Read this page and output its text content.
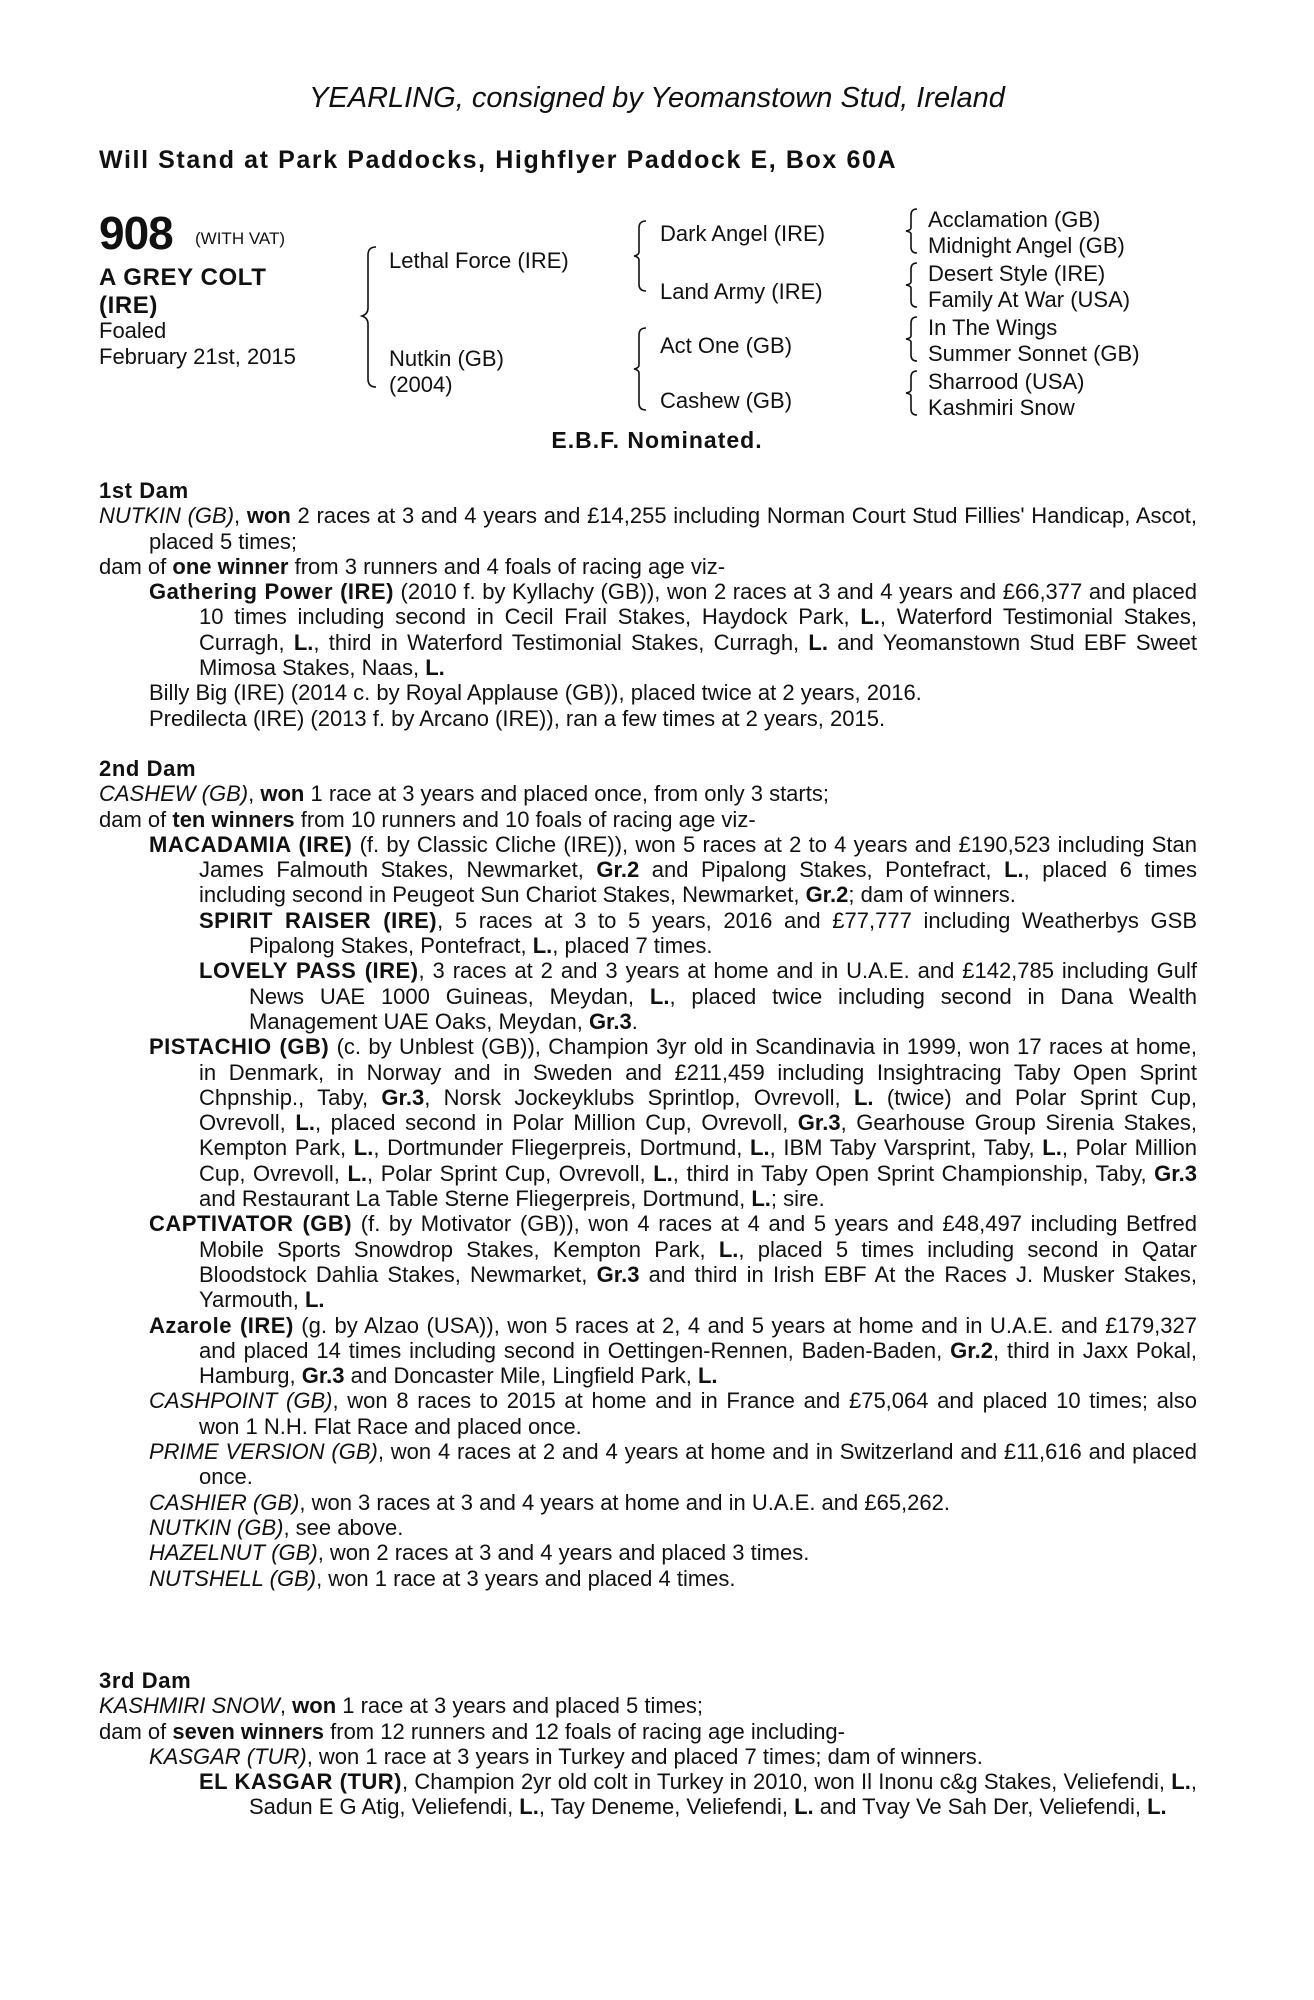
YEARLING, consigned by Yeomanstown Stud, Ireland
Will Stand at Park Paddocks, Highflyer Paddock E, Box 60A
908 (WITH VAT)
A GREY COLT
(IRE)
Foaled
February 21st, 2015
Lethal Force (IRE)
Nutkin (GB)
(2004)
Dark Angel (IRE)
Land Army (IRE)
Act One (GB)
Cashew (GB)
Acclamation (GB)
Midnight Angel (GB)
Desert Style (IRE)
Family At War (USA)
In The Wings
Summer Sonnet (GB)
Sharrood (USA)
Kashmiri Snow
E.B.F. Nominated.
1st Dam
NUTKIN (GB), won 2 races at 3 and 4 years and £14,255 including Norman Court Stud Fillies' Handicap, Ascot, placed 5 times;
dam of one winner from 3 runners and 4 foals of racing age viz-
Gathering Power (IRE) (2010 f. by Kyllachy (GB)), won 2 races at 3 and 4 years and £66,377 and placed 10 times including second in Cecil Frail Stakes, Haydock Park, L., Waterford Testimonial Stakes, Curragh, L., third in Waterford Testimonial Stakes, Curragh, L. and Yeomanstown Stud EBF Sweet Mimosa Stakes, Naas, L.
Billy Big (IRE) (2014 c. by Royal Applause (GB)), placed twice at 2 years, 2016.
Predilecta (IRE) (2013 f. by Arcano (IRE)), ran a few times at 2 years, 2015.
2nd Dam
CASHEW (GB), won 1 race at 3 years and placed once, from only 3 starts;
dam of ten winners from 10 runners and 10 foals of racing age viz-
MACADAMIA (IRE) (f. by Classic Cliche (IRE)), won 5 races at 2 to 4 years and £190,523 including Stan James Falmouth Stakes, Newmarket, Gr.2 and Pipalong Stakes, Pontefract, L., placed 6 times including second in Peugeot Sun Chariot Stakes, Newmarket, Gr.2; dam of winners.
SPIRIT RAISER (IRE), 5 races at 3 to 5 years, 2016 and £77,777 including Weatherbys GSB Pipalong Stakes, Pontefract, L., placed 7 times.
LOVELY PASS (IRE), 3 races at 2 and 3 years at home and in U.A.E. and £142,785 including Gulf News UAE 1000 Guineas, Meydan, L., placed twice including second in Dana Wealth Management UAE Oaks, Meydan, Gr.3.
PISTACHIO (GB) (c. by Unblest (GB)), Champion 3yr old in Scandinavia in 1999, won 17 races at home, in Denmark, in Norway and in Sweden and £211,459 including Insightracing Taby Open Sprint Chpnship., Taby, Gr.3, Norsk Jockeyklubs Sprintlop, Ovrevoll, L. (twice) and Polar Sprint Cup, Ovrevoll, L., placed second in Polar Million Cup, Ovrevoll, Gr.3, Gearhouse Group Sirenia Stakes, Kempton Park, L., Dortmunder Fliegerpreis, Dortmund, L., IBM Taby Varsprint, Taby, L., Polar Million Cup, Ovrevoll, L., Polar Sprint Cup, Ovrevoll, L., third in Taby Open Sprint Championship, Taby, Gr.3 and Restaurant La Table Sterne Fliegerpreis, Dortmund, L.; sire.
CAPTIVATOR (GB) (f. by Motivator (GB)), won 4 races at 4 and 5 years and £48,497 including Betfred Mobile Sports Snowdrop Stakes, Kempton Park, L., placed 5 times including second in Qatar Bloodstock Dahlia Stakes, Newmarket, Gr.3 and third in Irish EBF At the Races J. Musker Stakes, Yarmouth, L.
Azarole (IRE) (g. by Alzao (USA)), won 5 races at 2, 4 and 5 years at home and in U.A.E. and £179,327 and placed 14 times including second in Oettingen-Rennen, Baden-Baden, Gr.2, third in Jaxx Pokal, Hamburg, Gr.3 and Doncaster Mile, Lingfield Park, L.
CASHPOINT (GB), won 8 races to 2015 at home and in France and £75,064 and placed 10 times; also won 1 N.H. Flat Race and placed once.
PRIME VERSION (GB), won 4 races at 2 and 4 years at home and in Switzerland and £11,616 and placed once.
CASHIER (GB), won 3 races at 3 and 4 years at home and in U.A.E. and £65,262.
NUTKIN (GB), see above.
HAZELNUT (GB), won 2 races at 3 and 4 years and placed 3 times.
NUTSHELL (GB), won 1 race at 3 years and placed 4 times.
3rd Dam
KASHMIRI SNOW, won 1 race at 3 years and placed 5 times;
dam of seven winners from 12 runners and 12 foals of racing age including-
KASGAR (TUR), won 1 race at 3 years in Turkey and placed 7 times; dam of winners.
EL KASGAR (TUR), Champion 2yr old colt in Turkey in 2010, won Il Inonu c&g Stakes, Veliefendi, L., Sadun E G Atig, Veliefendi, L., Tay Deneme, Veliefendi, L. and Tvay Ve Sah Der, Veliefendi, L.
